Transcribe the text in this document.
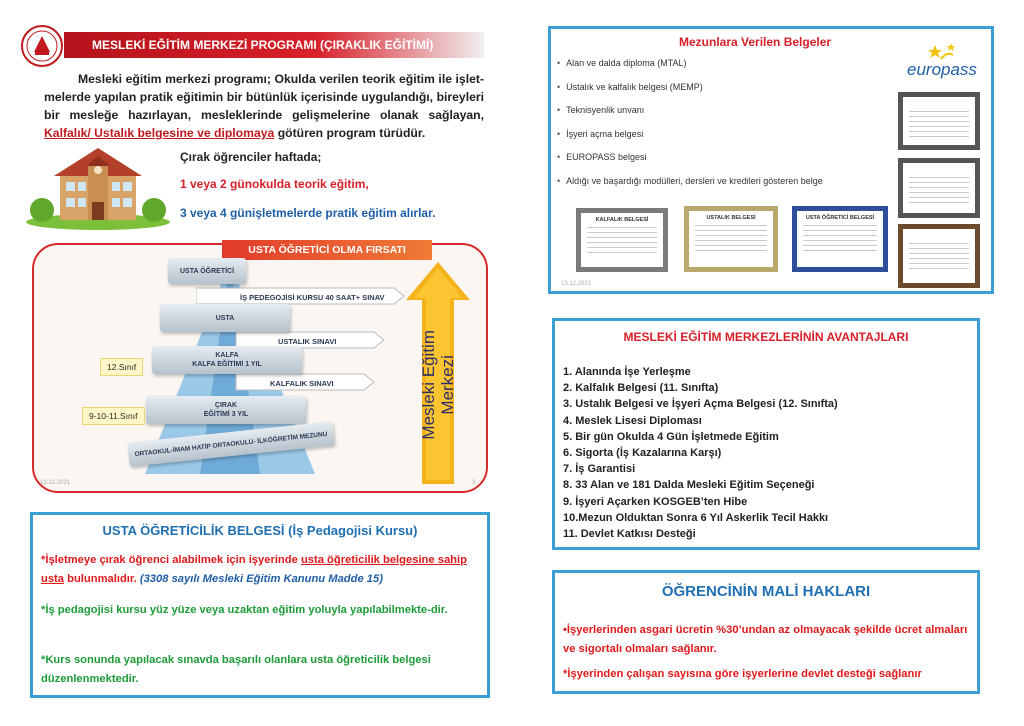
MESLEKİ EĞİTİM MERKEZİ PROGRAMI (ÇIRAKLIK EĞİTİMİ)
Mesleki eğitim merkezi programı; Okulda verilen teorik eğitim ile işlet-melerde yapılan pratik eğitimin bir bütünlük içerisinde uygulandığı, bireyleri bir mesleğe hazırlayan, mesleklerinde gelişmelerine olanak sağlayan, Kalfalık/ Ustalık belgesine ve diplomaya götüren program türüdür.
Çırak öğrenciler haftada;
1 veya 2 günokulda teorik eğitim,
3 veya 4 günişletmelerde pratik eğitim alırlar.
USTA ÖĞRETİCİ OLMA FIRSATI
İŞ PEDEGOJİSİ KURSU 40 SAAT+ SINAV
USTALIK SINAVI
KALFALIK SINAVI
USTA ÖĞRETİCİ
USTA
KALFA
KALFA EĞİTİMİ 1 YIL
ÇIRAK
EĞİTİMİ 3 YIL
ORTAOKUL-İMAM HATİP ORTAOKULU- İLKÖĞRETİM MEZUNU
12.Sınıf
9-10-11.Sınıf	Mesleki Eğitim
Merkezi
13.12.2021	3
USTA ÖĞRETİCİLİK BELGESİ (İş Pedagojisi Kursu)

*İşletmeye çırak öğrenci alabilmek için işyerinde usta öğreticilik belgesine sahip usta bulunmalıdır. (3308 sayılı Mesleki Eğitim Kanunu Madde 15)

*İş pedagojisi kursu yüz yüze veya uzaktan eğitim yoluyla yapılabilmekte-dir.

*Kurs sonunda yapılacak sınavda başarılı olanlara usta öğreticilik belgesi düzenlenmektedir.

Mezunlara Verilen Belgeler
• Alan ve dalda diploma (MTAL)
• Ustalık ve kalfalık belgesi (MEMP)
• Teknisyenlik unvanı
• İşyeri açma belgesi
• EUROPASS belgesi
• Aldığı ve başardığı modülleri, dersleri ve kredileri gösteren belge
europass
13.12.2021
KALFALIK BELGESİ	USTALIK BELGESİ	USTA ÖĞRETİCİ BELGESİ
MESLEKİ EĞİTİM MERKEZLERİNİN AVANTAJLARI
1. Alanında İşe Yerleşme
2. Kalfalık Belgesi (11. Sınıfta)
3. Ustalık Belgesi ve İşyeri Açma Belgesi (12. Sınıfta)
4. Meslek Lisesi Diploması
5. Bir gün Okulda 4 Gün İşletmede Eğitim
6. Sigorta (İş Kazalarına Karşı)
7. İş Garantisi
8. 33 Alan ve 181 Dalda Mesleki Eğitim Seçeneği
9. İşyeri Açarken KOSGEB’ten Hibe
10.Mezun Olduktan Sonra 6 Yıl Askerlik Tecil Hakkı
11. Devlet Katkısı Desteği
ÖĞRENCİNİN MALİ HAKLARI

•İşyerlerinden asgari ücretin %30’undan az olmayacak şekilde ücret almaları ve sigortalı olmaları sağlanır.

*İşyerinden çalışan sayısına göre işyerlerine devlet desteği sağlanır
